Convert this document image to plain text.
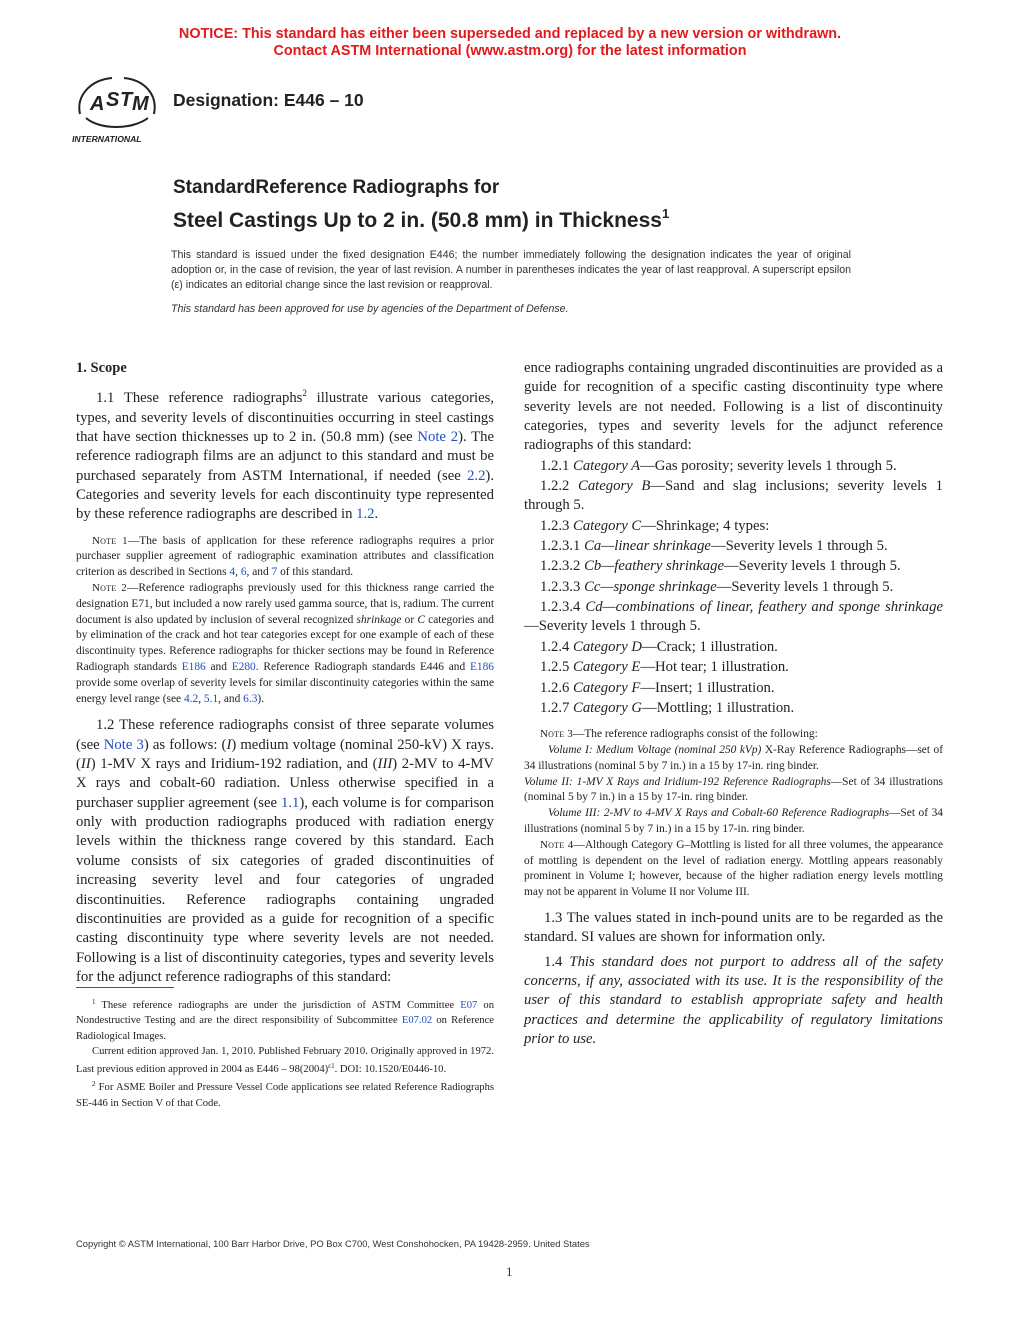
NOTICE: This standard has either been superseded and replaced by a new version or withdrawn.
Contact ASTM International (www.astm.org) for the latest information
A S T M
INTERNATIONAL
Designation: E446 – 10
StandardReference Radiographs for
Steel Castings Up to 2 in. (50.8 mm) in Thickness$^1$
This standard is issued under the fixed designation E446; the number immediately following the designation indicates the year of original adoption or, in the case of revision, the year of last revision. A number in parentheses indicates the year of last reapproval. A superscript epsilon (ε) indicates an editorial change since the last revision or reapproval.
This standard has been approved for use by agencies of the Department of Defense.

1. Scope

1.1 These reference radiographs$^2$ illustrate various categories, types, and severity levels of discontinuities occurring in steel castings that have section thicknesses up to 2 in. (50.8 mm) (see Note 2). The reference radiograph films are an adjunct to this standard and must be purchased separately from ASTM International, if needed (see 2.2). Categories and severity levels for each discontinuity type represented by these reference radiographs are described in 1.2.

Note 1—The basis of application for these reference radiographs requires a prior purchaser supplier agreement of radiographic examination attributes and classification criterion as described in Sections 4, 6, and 7 of this standard.

Note 2—Reference radiographs previously used for this thickness range carried the designation E71, but included a now rarely used gamma source, that is, radium. The current document is also updated by inclusion of several recognized shrinkage or C categories and by elimination of the crack and hot tear categories except for one example of each of these discontinuity types. Reference radiographs for thicker sections may be found in Reference Radiograph standards E186 and E280. Reference Radiograph standards E446 and E186 provide some overlap of severity levels for similar discontinuity categories within the same energy level range (see 4.2, 5.1, and 6.3).

1.2 These reference radiographs consist of three separate volumes (see Note 3) as follows: (I) medium voltage (nominal 250-kV) X rays. (II) 1-MV X rays and Iridium-192 radiation, and (III) 2-MV to 4-MV X rays and cobalt-60 radiation. Unless otherwise specified in a purchaser supplier agreement (see 1.1), each volume is for comparison only with production radiographs produced with radiation energy levels within the thickness range covered by this standard. Each volume consists of six categories of graded discontinuities of increasing severity level and four categories of ungraded discontinuities. Reference radiographs containing ungraded discontinuities are provided as a guide for recognition of a specific casting discontinuity type where severity levels are not needed. Following is a list of discontinuity categories, types and severity levels for the adjunct reference radiographs of this standard:

$^1$ These reference radiographs are under the jurisdiction of ASTM Committee E07 on Nondestructive Testing and are the direct responsibility of Subcommittee E07.02 on Reference Radiological Images.

Current edition approved Jan. 1, 2010. Published February 2010. Originally approved in 1972. Last previous edition approved in 2004 as $E446 - 98(2004)^{\varepsilon 1}$. DOI: 10.1520/E0446-10.

$^2$ For ASME Boiler and Pressure Vessel Code applications see related Reference Radiographs SE-446 in Section V of that Code.

ence radiographs containing ungraded discontinuities are provided as a guide for recognition of a specific casting discontinuity type where severity levels are not needed. Following is a list of discontinuity categories, types and severity levels for the adjunct reference radiographs of this standard:

1.2.1 Category A—Gas porosity; severity levels 1 through 5.

1.2.2 Category B—Sand and slag inclusions; severity levels 1 through 5.

1.2.3 Category C—Shrinkage; 4 types:

1.2.3.1 Ca—linear shrinkage—Severity levels 1 through 5.

1.2.3.2 Cb—feathery shrinkage—Severity levels 1 through 5.

1.2.3.3 Cc—sponge shrinkage—Severity levels 1 through 5.

1.2.3.4 Cd—combinations of linear, feathery and sponge shrinkage—Severity levels 1 through 5.

1.2.4 Category D—Crack; 1 illustration.

1.2.5 Category E—Hot tear; 1 illustration.

1.2.6 Category F—Insert; 1 illustration.

1.2.7 Category G—Mottling; 1 illustration.

Note 3—The reference radiographs consist of the following:

Volume I: Medium Voltage (nominal 250 kVp) X-Ray Reference Radiographs—set of 34 illustrations (nominal 5 by 7 in.) in a 15 by 17-in. ring binder.

Volume II: 1-MV X Rays and Iridium-192 Reference Radiographs—Set of 34 illustrations (nominal 5 by 7 in.) in a 15 by 17-in. ring binder.

Volume III: 2-MV to 4-MV X Rays and Cobalt-60 Reference Radiographs—Set of 34 illustrations (nominal 5 by 7 in.) in a 15 by 17-in. ring binder.

Note 4—Although Category G–Mottling is listed for all three volumes, the appearance of mottling is dependent on the level of radiation energy. Mottling appears reasonably prominent in Volume I; however, because of the higher radiation energy levels mottling may not be apparent in Volume II nor Volume III.

1.3 The values stated in inch-pound units are to be regarded as the standard. SI values are shown for information only.

1.4 This standard does not purport to address all of the safety concerns, if any, associated with its use. It is the responsibility of the user of this standard to establish appropriate safety and health practices and determine the applicability of regulatory limitations prior to use.

Copyright © ASTM International, 100 Barr Harbor Drive, PO Box C700, West Conshohocken, PA 19428-2959. United States
1
